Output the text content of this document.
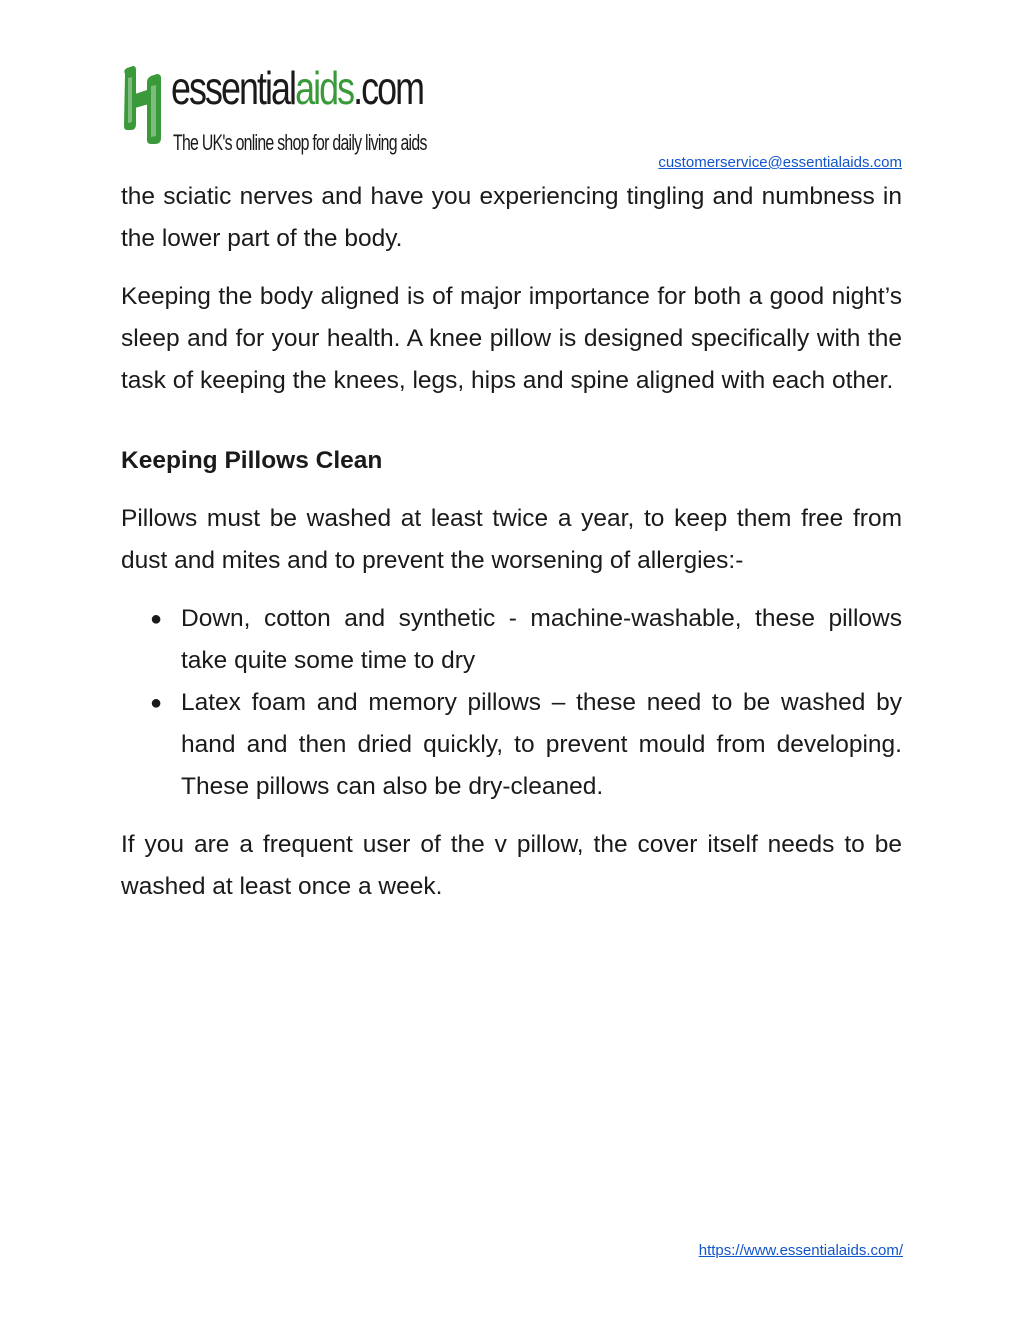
essentialaids.com
The UK's online shop for daily living aids
customerservice@essentialaids.com

the sciatic nerves and have you experiencing tingling and numbness in the lower part of the body.

Keeping the body aligned is of major importance for both a good night’s sleep and for your health. A knee pillow is designed specifically with the task of keeping the knees, legs, hips and spine aligned with each other.

Keeping Pillows Clean

Pillows must be washed at least twice a year, to keep them free from dust and mites and to prevent the worsening of allergies:-

● Down, cotton and synthetic - machine-washable, these pillows take quite some time to dry
● Latex foam and memory pillows – these need to be washed by hand and then dried quickly, to prevent mould from developing. These pillows can also be dry-cleaned.

If you are a frequent user of the v pillow, the cover itself needs to be washed at least once a week.

https://www.essentialaids.com/
